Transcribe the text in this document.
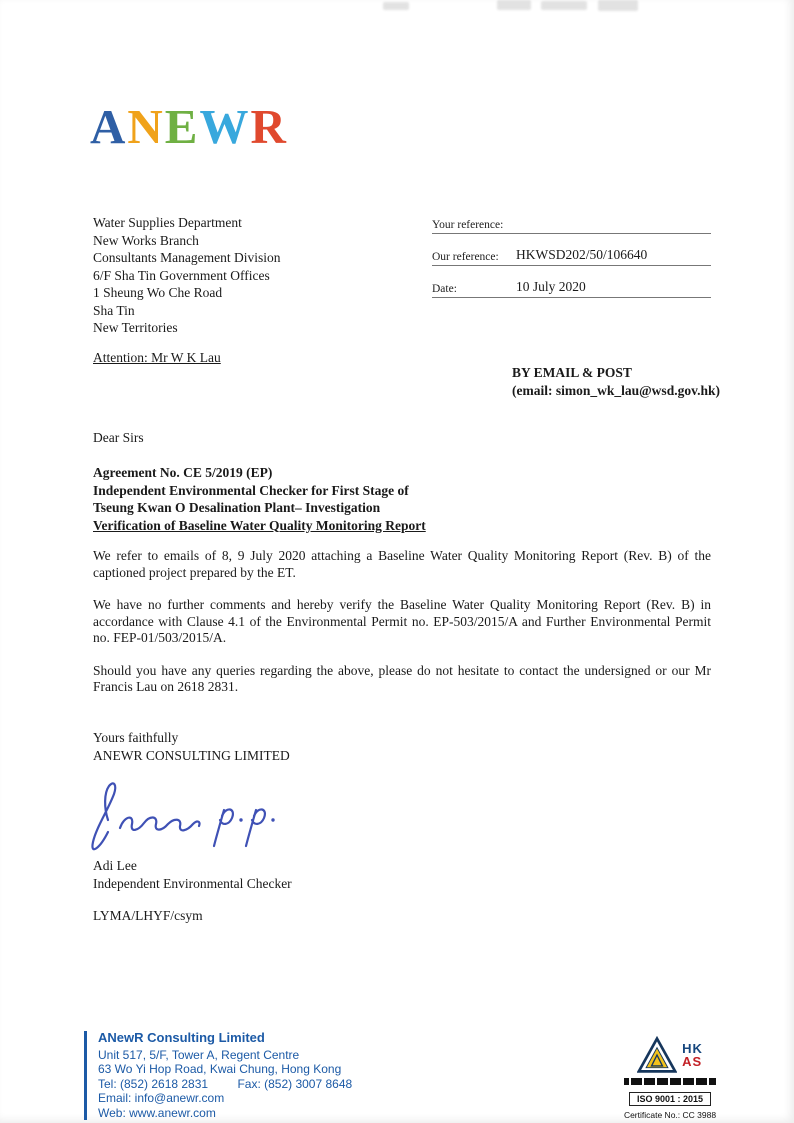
ANEWR
Water Supplies Department
New Works Branch
Consultants Management Division
6/F Sha Tin Government Offices
1 Sheung Wo Che Road
Sha Tin
New Territories
Your reference:
Our reference:	HKWSD202/50/106640
Date:	10 July 2020
Attention: Mr W K Lau
BY EMAIL & POST
(email: simon_wk_lau@wsd.gov.hk)
Dear Sirs
Agreement No. CE 5/2019 (EP)
Independent Environmental Checker for First Stage of
Tseung Kwan O Desalination Plant– Investigation
Verification of Baseline Water Quality Monitoring Report

We refer to emails of 8, 9 July 2020 attaching a Baseline Water Quality Monitoring Report (Rev. B) of the captioned project prepared by the ET.

We have no further comments and hereby verify the Baseline Water Quality Monitoring Report (Rev. B) in accordance with Clause 4.1 of the Environmental Permit no. EP-503/2015/A and Further Environmental Permit no. FEP-01/503/2015/A.

Should you have any queries regarding the above, please do not hesitate to contact the undersigned or our Mr Francis Lau on 2618 2831.

Yours faithfully
ANEWR CONSULTING LIMITED
Adi Lee
Independent Environmental Checker
LYMA/LHYF/csym
ANewR Consulting Limited
Unit 517, 5/F, Tower A, Regent Centre
63 Wo Yi Hop Road, Kwai Chung, Hong Kong
Tel: (852) 2618 2831 Fax: (852) 3007 8648
Email: info@anewr.com
Web: www.anewr.com
HK
AS
ISO 9001 : 2015
Certificate No.: CC 3988
